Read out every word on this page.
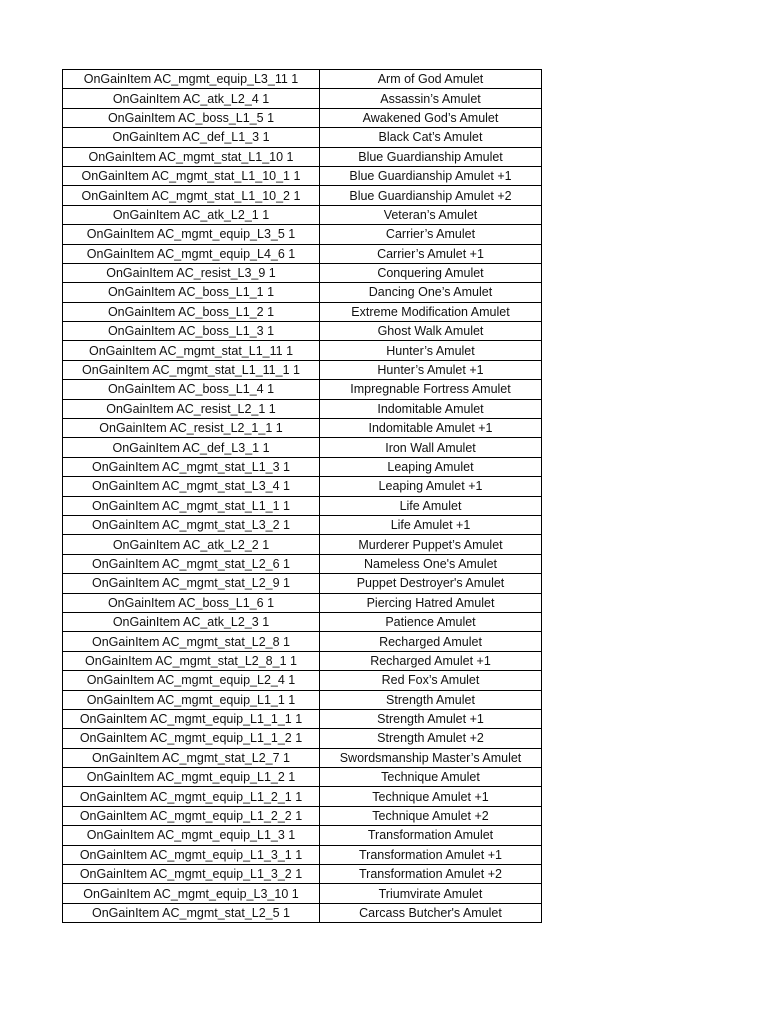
OnGainItem AC_mgmt_equip_L3_11 1	Arm of God Amulet
OnGainItem AC_atk_L2_4 1	Assassin’s Amulet
OnGainItem AC_boss_L1_5 1	Awakened God’s Amulet
OnGainItem AC_def_L1_3 1	Black Cat’s Amulet
OnGainItem AC_mgmt_stat_L1_10 1	Blue Guardianship Amulet
OnGainItem AC_mgmt_stat_L1_10_1 1	Blue Guardianship Amulet +1
OnGainItem AC_mgmt_stat_L1_10_2 1	Blue Guardianship Amulet +2
OnGainItem AC_atk_L2_1 1	Veteran’s Amulet
OnGainItem AC_mgmt_equip_L3_5 1	Carrier’s Amulet
OnGainItem AC_mgmt_equip_L4_6 1	Carrier’s Amulet +1
OnGainItem AC_resist_L3_9 1	Conquering Amulet
OnGainItem AC_boss_L1_1 1	Dancing One’s Amulet
OnGainItem AC_boss_L1_2 1	Extreme Modification Amulet
OnGainItem AC_boss_L1_3 1	Ghost Walk Amulet
OnGainItem AC_mgmt_stat_L1_11 1	Hunter’s Amulet
OnGainItem AC_mgmt_stat_L1_11_1 1	Hunter’s Amulet +1
OnGainItem AC_boss_L1_4 1	Impregnable Fortress Amulet
OnGainItem AC_resist_L2_1 1	Indomitable Amulet
OnGainItem AC_resist_L2_1_1 1	Indomitable Amulet +1
OnGainItem AC_def_L3_1 1	Iron Wall Amulet
OnGainItem AC_mgmt_stat_L1_3 1	Leaping Amulet
OnGainItem AC_mgmt_stat_L3_4 1	Leaping Amulet +1
OnGainItem AC_mgmt_stat_L1_1 1	Life Amulet
OnGainItem AC_mgmt_stat_L3_2 1	Life Amulet +1
OnGainItem AC_atk_L2_2 1	Murderer Puppet’s Amulet
OnGainItem AC_mgmt_stat_L2_6 1	Nameless One's Amulet
OnGainItem AC_mgmt_stat_L2_9 1	Puppet Destroyer's Amulet
OnGainItem AC_boss_L1_6 1	Piercing Hatred Amulet
OnGainItem AC_atk_L2_3 1	Patience Amulet
OnGainItem AC_mgmt_stat_L2_8 1	Recharged Amulet
OnGainItem AC_mgmt_stat_L2_8_1 1	Recharged Amulet +1
OnGainItem AC_mgmt_equip_L2_4 1	Red Fox’s Amulet
OnGainItem AC_mgmt_equip_L1_1 1	Strength Amulet
OnGainItem AC_mgmt_equip_L1_1_1 1	Strength Amulet +1
OnGainItem AC_mgmt_equip_L1_1_2 1	Strength Amulet +2
OnGainItem AC_mgmt_stat_L2_7 1	Swordsmanship Master’s Amulet
OnGainItem AC_mgmt_equip_L1_2 1	Technique Amulet
OnGainItem AC_mgmt_equip_L1_2_1 1	Technique Amulet +1
OnGainItem AC_mgmt_equip_L1_2_2 1	Technique Amulet +2
OnGainItem AC_mgmt_equip_L1_3 1	Transformation Amulet
OnGainItem AC_mgmt_equip_L1_3_1 1	Transformation Amulet +1
OnGainItem AC_mgmt_equip_L1_3_2 1	Transformation Amulet +2
OnGainItem AC_mgmt_equip_L3_10 1	Triumvirate Amulet
OnGainItem AC_mgmt_stat_L2_5 1	Carcass Butcher's Amulet
